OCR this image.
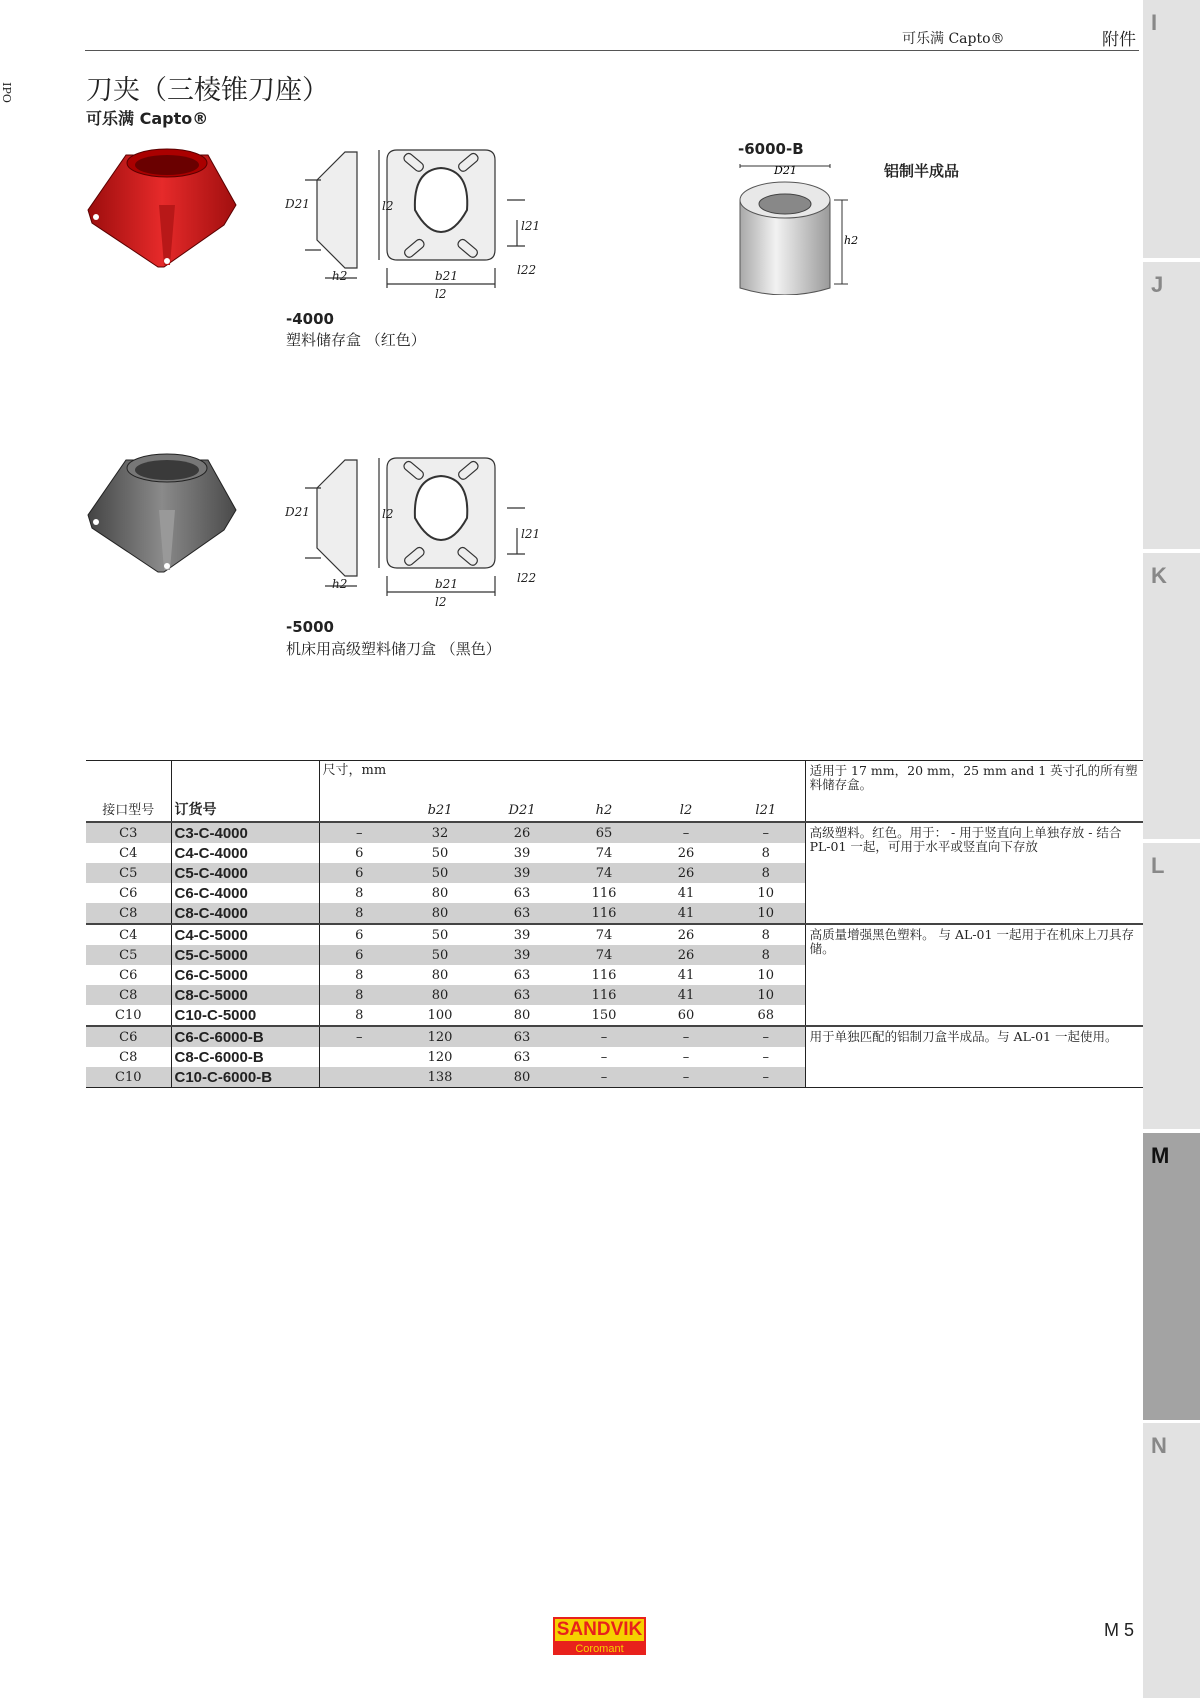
可乐满 Capto®	附件
IPO	刀夹（三棱锥刀座）
可乐满 Capto®
D21	l2
h2	b21
l2
l21
l22
-4000
塑料储存盒 （红色）
-6000-B
铝制半成品
D21
h2
D21	l2
h2	b21
l2
l21
l22
-5000
机床用高级塑料储刀盒 （黑色）
		尺寸，mm						适用于 17 mm，20 mm，25 mm and 1 英寸孔的所有塑料储存盒。
接口型号	订货号		b21	D21	h2	l2	l21	
C3	C3-C-4000	–	32	26	65	–	–	高级塑料。红色。用于： - 用于竖直向上单独存放 - 结合 PL-01 一起，可用于水平或竖直向下存放
C4	C4-C-4000	6	50	39	74	26	8	
C5	C5-C-4000	6	50	39	74	26	8	
C6	C6-C-4000	8	80	63	116	41	10	
C8	C8-C-4000	8	80	63	116	41	10	
C4	C4-C-5000	6	50	39	74	26	8	高质量增强黑色塑料。 与 AL-01 一起用于在机床上刀具存储。
C5	C5-C-5000	6	50	39	74	26	8	
C6	C6-C-5000	8	80	63	116	41	10	
C8	C8-C-5000	8	80	63	116	41	10	
C10	C10-C-5000	8	100	80	150	60	68	
C6	C6-C-6000-B	–	120	63	–	–	–	用于单独匹配的铝制刀盒半成品。与 AL-01 一起使用。
C8	C8-C-6000-B		120	63	–	–	–	
C10	C10-C-6000-B		138	80	–	–	–	
I
J
K
L
M
N
SANDVIK
Coromant
M 5
